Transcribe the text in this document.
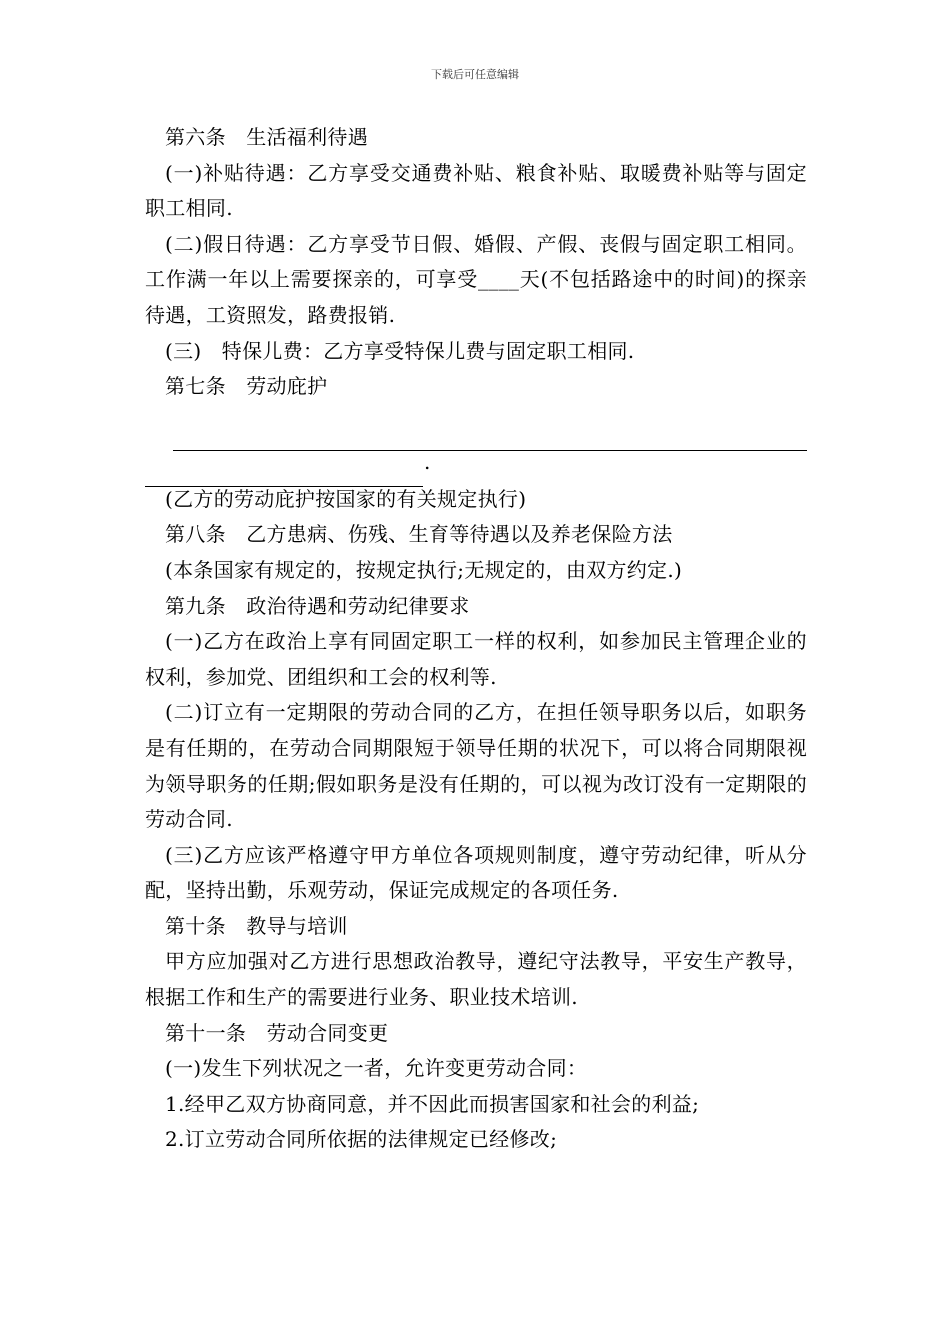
下载后可任意编辑

第六条　生活福利待遇

(一)补贴待遇：乙方享受交通费补贴、粮食补贴、取暖费补贴等与固定职工相同.

(二)假日待遇：乙方享受节日假、婚假、产假、丧假与固定职工相同。工作满一年以上需要探亲的，可享受____天(不包括路途中的时间)的探亲待遇，工资照发，路费报销.

(三)　特保儿费：乙方享受特保儿费与固定职工相同.

第七条　劳动庇护

.

(乙方的劳动庇护按国家的有关规定执行)

第八条　乙方患病、伤残、生育等待遇以及养老保险方法

(本条国家有规定的，按规定执行;无规定的，由双方约定.)

第九条　政治待遇和劳动纪律要求

(一)乙方在政治上享有同固定职工一样的权利，如参加民主管理企业的权利，参加党、团组织和工会的权利等.

(二)订立有一定期限的劳动合同的乙方，在担任领导职务以后，如职务是有任期的，在劳动合同期限短于领导任期的状况下，可以将合同期限视为领导职务的任期;假如职务是没有任期的，可以视为改订没有一定期限的劳动合同.

(三)乙方应该严格遵守甲方单位各项规则制度，遵守劳动纪律，听从分配，坚持出勤，乐观劳动，保证完成规定的各项任务.

第十条　教导与培训

甲方应加强对乙方进行思想政治教导，遵纪守法教导，平安生产教导，根据工作和生产的需要进行业务、职业技术培训.

第十一条　劳动合同变更

(一)发生下列状况之一者，允许变更劳动合同：

1.经甲乙双方协商同意，并不因此而损害国家和社会的利益;

2.订立劳动合同所依据的法律规定已经修改;
